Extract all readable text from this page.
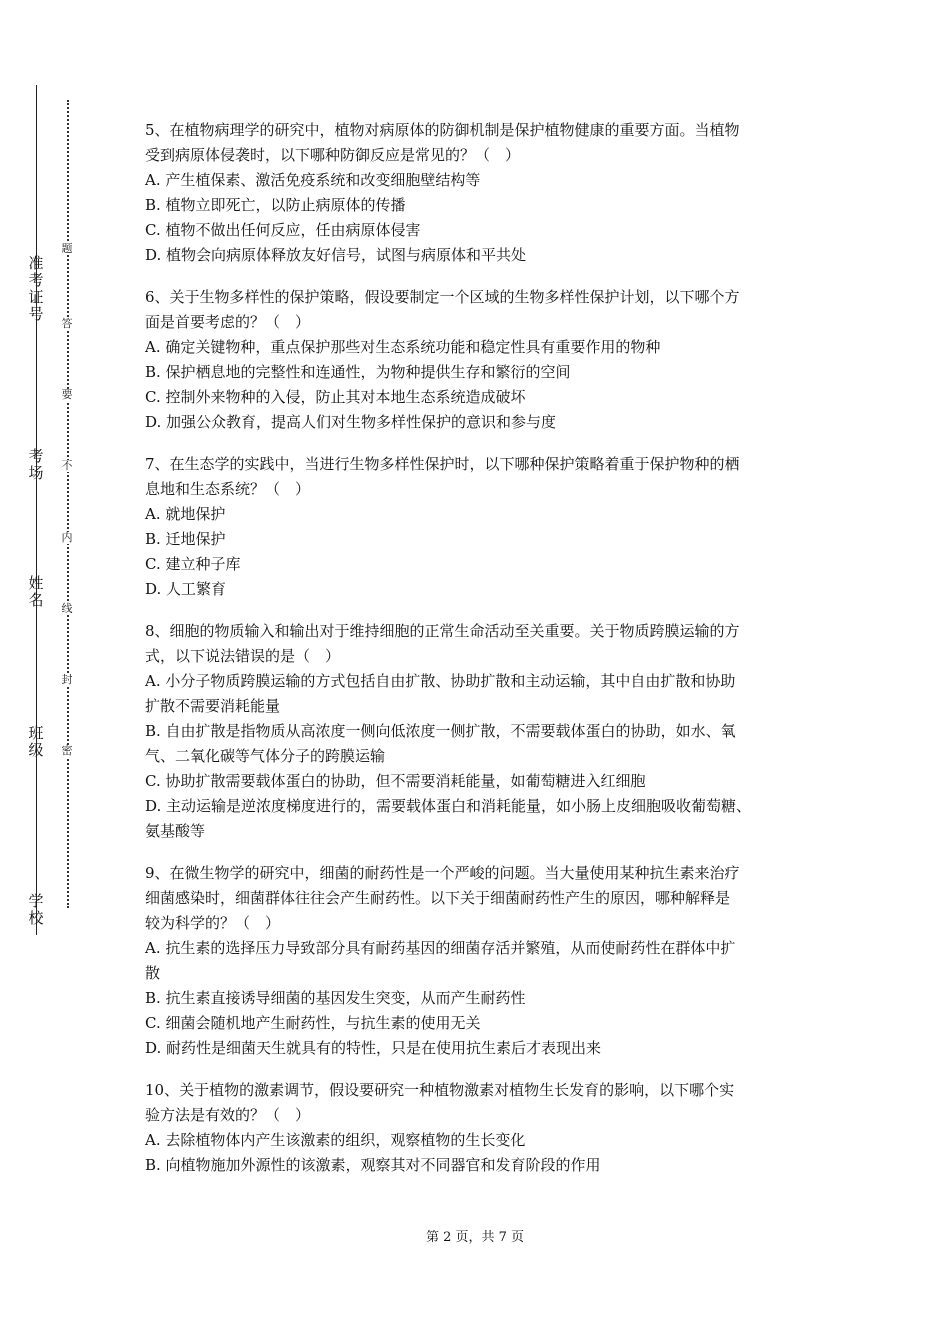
准
考
证
号
考
场
姓
名
班
级
学
校
题
答
要
不
内
线
封
密
5、在植物病理学的研究中，植物对病原体的防御机制是保护植物健康的重要方面。当植物
受到病原体侵袭时，以下哪种防御反应是常见的？（　）
A. 产生植保素、激活免疫系统和改变细胞壁结构等
B. 植物立即死亡，以防止病原体的传播
C. 植物不做出任何反应，任由病原体侵害
D. 植物会向病原体释放友好信号，试图与病原体和平共处
6、关于生物多样性的保护策略，假设要制定一个区域的生物多样性保护计划，以下哪个方
面是首要考虑的？（　）
A. 确定关键物种，重点保护那些对生态系统功能和稳定性具有重要作用的物种
B. 保护栖息地的完整性和连通性，为物种提供生存和繁衍的空间
C. 控制外来物种的入侵，防止其对本地生态系统造成破坏
D. 加强公众教育，提高人们对生物多样性保护的意识和参与度
7、在生态学的实践中，当进行生物多样性保护时，以下哪种保护策略着重于保护物种的栖
息地和生态系统？（　）
A. 就地保护
B. 迁地保护
C. 建立种子库
D. 人工繁育
8、细胞的物质输入和输出对于维持细胞的正常生命活动至关重要。关于物质跨膜运输的方
式，以下说法错误的是（　）
A. 小分子物质跨膜运输的方式包括自由扩散、协助扩散和主动运输，其中自由扩散和协助
扩散不需要消耗能量
B. 自由扩散是指物质从高浓度一侧向低浓度一侧扩散，不需要载体蛋白的协助，如水、氧
气、二氧化碳等气体分子的跨膜运输
C. 协助扩散需要载体蛋白的协助，但不需要消耗能量，如葡萄糖进入红细胞
D. 主动运输是逆浓度梯度进行的，需要载体蛋白和消耗能量，如小肠上皮细胞吸收葡萄糖、
氨基酸等
9、在微生物学的研究中，细菌的耐药性是一个严峻的问题。当大量使用某种抗生素来治疗
细菌感染时，细菌群体往往会产生耐药性。以下关于细菌耐药性产生的原因，哪种解释是
较为科学的？（　）
A. 抗生素的选择压力导致部分具有耐药基因的细菌存活并繁殖，从而使耐药性在群体中扩
散
B. 抗生素直接诱导细菌的基因发生突变，从而产生耐药性
C. 细菌会随机地产生耐药性，与抗生素的使用无关
D. 耐药性是细菌天生就具有的特性，只是在使用抗生素后才表现出来
10、关于植物的激素调节，假设要研究一种植物激素对植物生长发育的影响，以下哪个实
验方法是有效的？（　）
A. 去除植物体内产生该激素的组织，观察植物的生长变化
B. 向植物施加外源性的该激素，观察其对不同器官和发育阶段的作用
第 2 页，共 7 页
